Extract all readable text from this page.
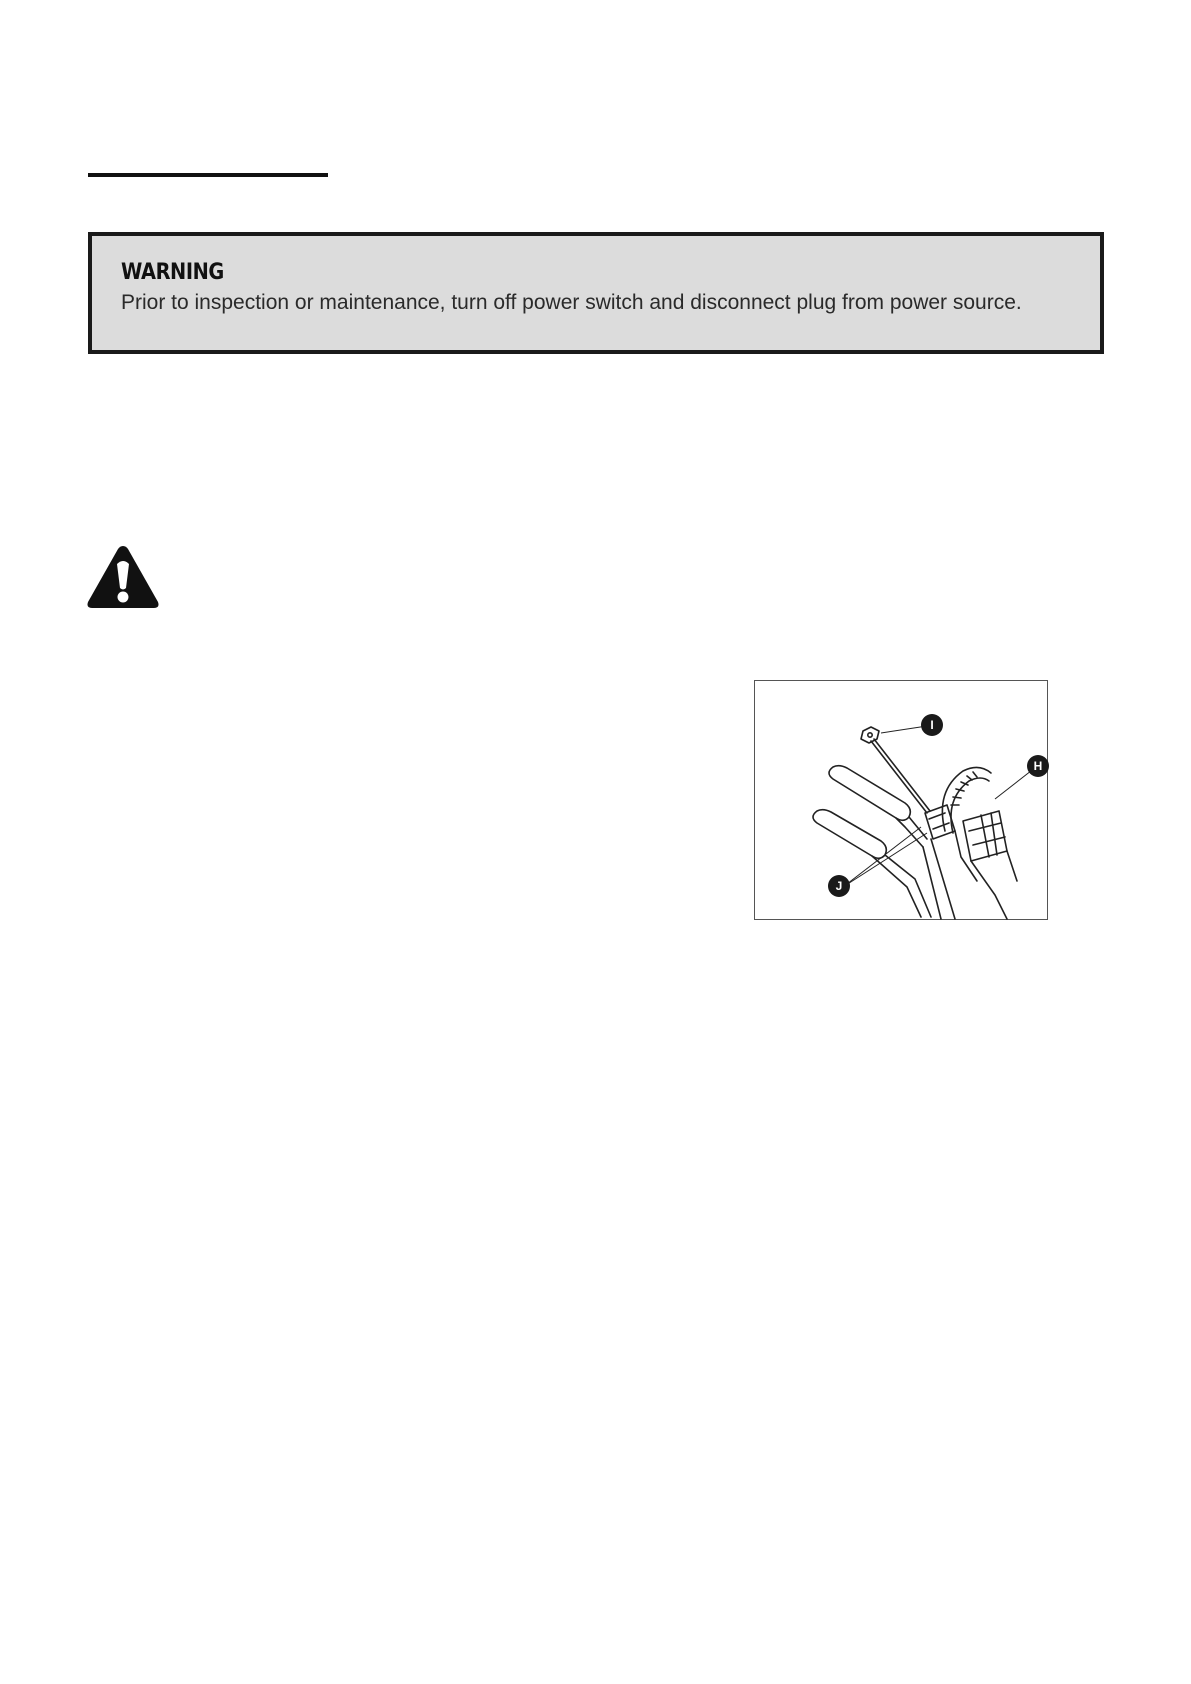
WARNING

Prior to inspection or maintenance, turn off power switch and disconnect plug from power source.

I
H
J
